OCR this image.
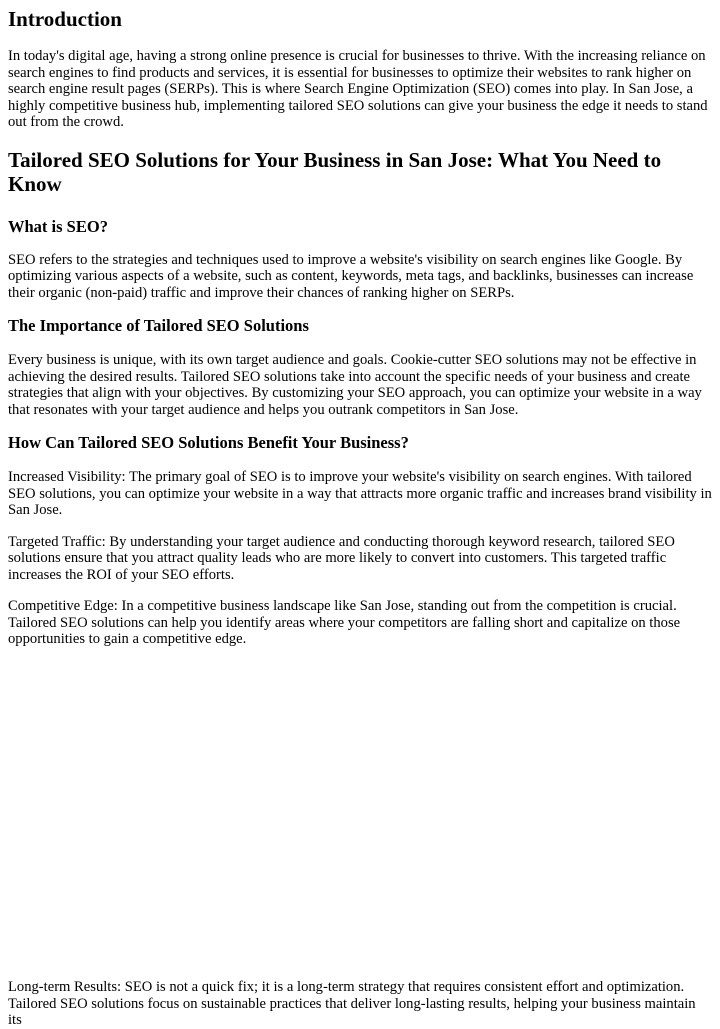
Introduction

In today's digital age, having a strong online presence is crucial for businesses to thrive. With the increasing reliance on search engines to find products and services, it is essential for businesses to optimize their websites to rank higher on search engine result pages (SERPs). This is where Search Engine Optimization (SEO) comes into play. In San Jose, a highly competitive business hub, implementing tailored SEO solutions can give your business the edge it needs to stand out from the crowd.

Tailored SEO Solutions for Your Business in San Jose: What You Need to Know
What is SEO?

SEO refers to the strategies and techniques used to improve a website's visibility on search engines like Google. By optimizing various aspects of a website, such as content, keywords, meta tags, and backlinks, businesses can increase their organic (non-paid) traffic and improve their chances of ranking higher on SERPs.

The Importance of Tailored SEO Solutions

Every business is unique, with its own target audience and goals. Cookie-cutter SEO solutions may not be effective in achieving the desired results. Tailored SEO solutions take into account the specific needs of your business and create strategies that align with your objectives. By customizing your SEO approach, you can optimize your website in a way that resonates with your target audience and helps you outrank competitors in San Jose.

How Can Tailored SEO Solutions Benefit Your Business?

Increased Visibility: The primary goal of SEO is to improve your website's visibility on search engines. With tailored SEO solutions, you can optimize your website in a way that attracts more organic traffic and increases brand visibility in San Jose.

Targeted Traffic: By understanding your target audience and conducting thorough keyword research, tailored SEO solutions ensure that you attract quality leads who are more likely to convert into customers. This targeted traffic increases the ROI of your SEO efforts.

Competitive Edge: In a competitive business landscape like San Jose, standing out from the competition is crucial. Tailored SEO solutions can help you identify areas where your competitors are falling short and capitalize on those opportunities to gain a competitive edge.

Long-term Results: SEO is not a quick fix; it is a long-term strategy that requires consistent effort and optimization. Tailored SEO solutions focus on sustainable practices that deliver long-lasting results, helping your business maintain its
